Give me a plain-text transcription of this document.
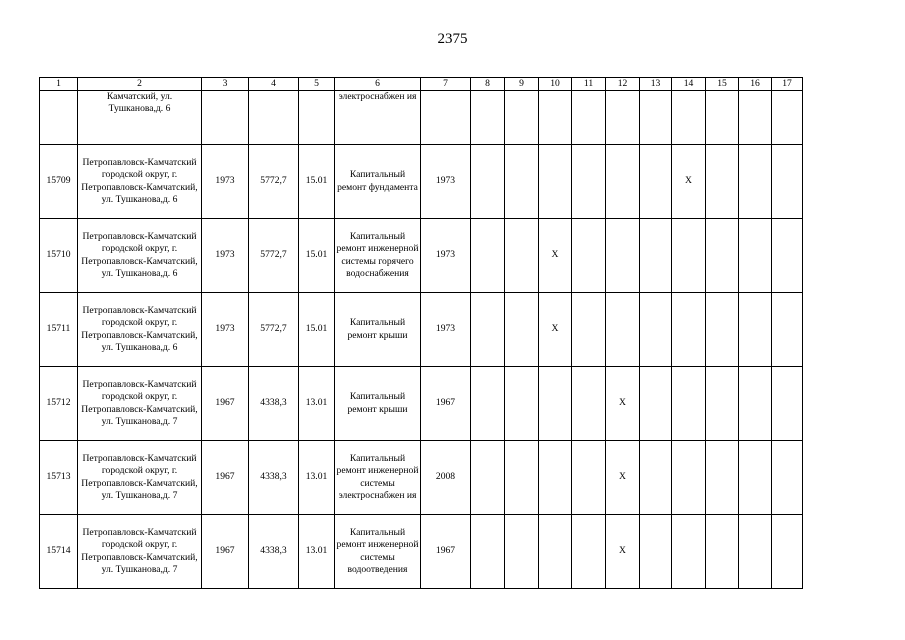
2375
1	2	3	4	5	6	7	8	9	10	11	12	13	14	15	16	17
	Камчатский, ул. Тушканова,д. 6				электроснабжен ия											
15709	Петропавловск-Камчатский городской округ, г. Петропавловск-Камчатский, ул. Тушканова,д. 6	1973	5772,7	15.01	Капитальный ремонт фундамента	1973							Х			
15710	Петропавловск-Камчатский городской округ, г. Петропавловск-Камчатский, ул. Тушканова,д. 6	1973	5772,7	15.01	Капитальный ремонт инженерной системы горячего водоснабжения	1973			Х							
15711	Петропавловск-Камчатский городской округ, г. Петропавловск-Камчатский, ул. Тушканова,д. 6	1973	5772,7	15.01	Капитальный ремонт крыши	1973			Х							
15712	Петропавловск-Камчатский городской округ, г. Петропавловск-Камчатский, ул. Тушканова,д. 7	1967	4338,3	13.01	Капитальный ремонт крыши	1967					Х					
15713	Петропавловск-Камчатский городской округ, г. Петропавловск-Камчатский, ул. Тушканова,д. 7	1967	4338,3	13.01	Капитальный ремонт инженерной системы электроснабжен ия	2008					Х					
15714	Петропавловск-Камчатский городской округ, г. Петропавловск-Камчатский, ул. Тушканова,д. 7	1967	4338,3	13.01	Капитальный ремонт инженерной системы водоотведения	1967					Х					
